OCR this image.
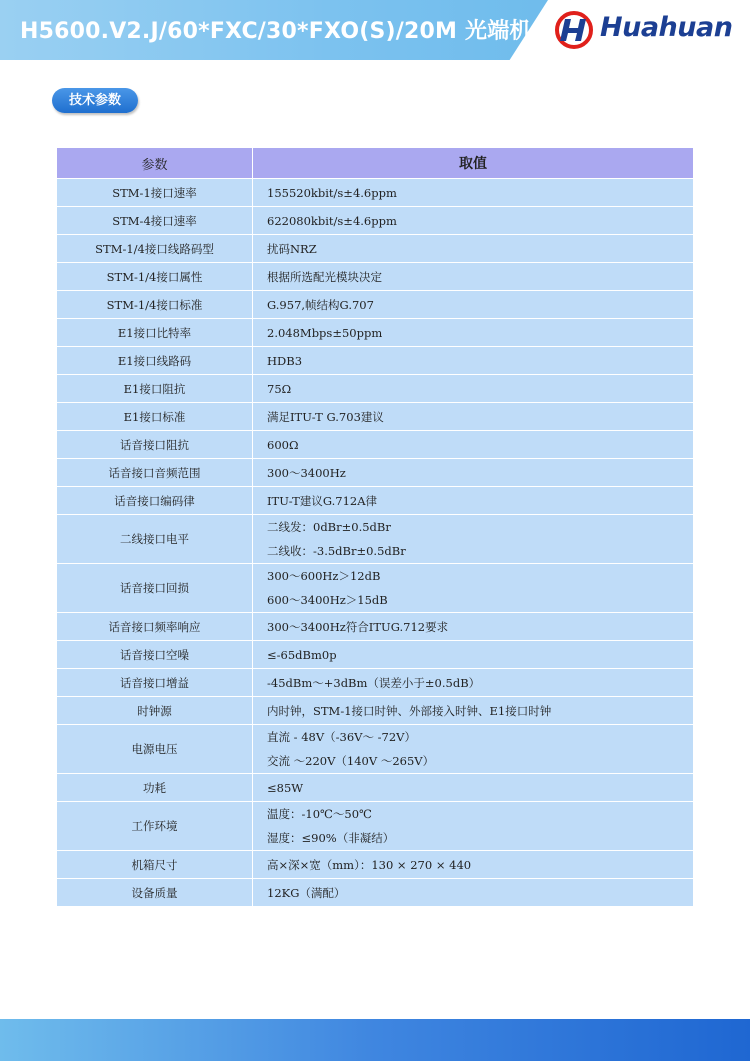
H5600.V2.J/60*FXC/30*FXO(S)/20M 光端机	Huahuan
技术参数
参数	取值
STM-1接口速率	155520kbit/s±4.6ppm

STM-4接口速率	622080kbit/s±4.6ppm

STM-1/4接口线路码型	扰码NRZ

STM-1/4接口属性	根据所选配光模块决定

STM-1/4接口标准	G.957,帧结构G.707

E1接口比特率	2.048Mbps±50ppm

E1接口线路码	HDB3

E1接口阻抗	75Ω

E1接口标准	满足ITU-T G.703建议

话音接口阻抗	600Ω

话音接口音频范围	300～3400Hz

话音接口编码律	ITU-T建议G.712A律

二线接口电平	二线发：0dBr±0.5dBr
二线收：-3.5dBr±0.5dBr

话音接口回损	300～600Hz＞12dB
600～3400Hz＞15dB

话音接口频率响应	300～3400Hz符合ITUG.712要求

话音接口空噪	≤-65dBm0p

话音接口增益	-45dBm～+3dBm（误差小于±0.5dB）

时钟源	内时钟，STM-1接口时钟、外部接入时钟、E1接口时钟

电源电压	直流 - 48V（-36V～ -72V）
交流 ～220V（140V ～265V）

功耗	≤85W

工作环境	温度：-10℃～50℃
湿度：≤90%（非凝结）

机箱尺寸	高×深×宽（mm）：130 × 270 × 440

设备质量	12KG（满配）
